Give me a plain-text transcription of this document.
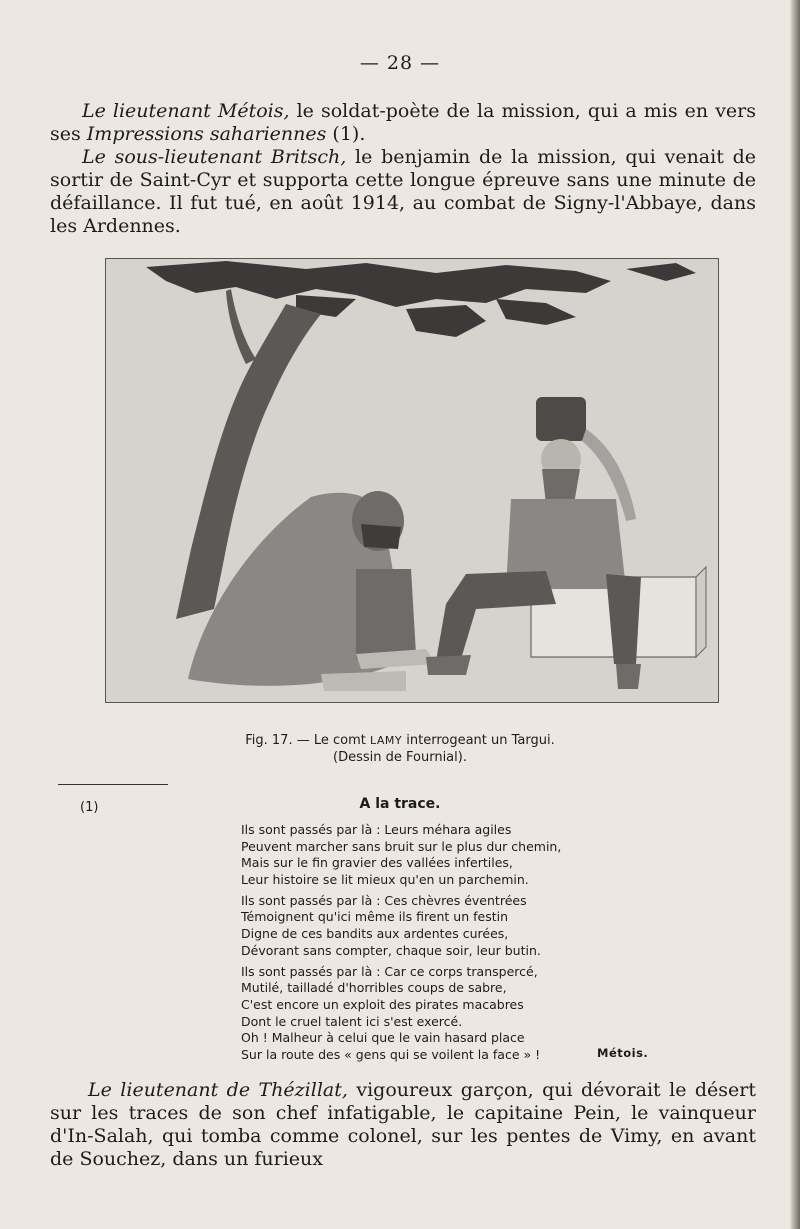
— 28 —

Le lieutenant Métois, le soldat-poète de la mission, qui a mis en vers ses Impressions sahariennes (1).

Le sous-lieutenant Britsch, le benjamin de la mission, qui venait de sortir de Saint-Cyr et supporta cette longue épreuve sans une minute de défaillance. Il fut tué, en août 1914, au combat de Signy-l'Abbaye, dans les Ardennes.

Fig. 17. — Le comt LAMY interrogeant un Targui.
(Dessin de Fournial).
(1)	A la trace.
Ils sont passés par là : Leurs méhara agiles
Peuvent marcher sans bruit sur le plus dur chemin,
Mais sur le fin gravier des vallées infertiles,
Leur histoire se lit mieux qu'en un parchemin.
Ils sont passés par là : Ces chèvres éventrées
Témoignent qu'ici même ils firent un festin
Digne de ces bandits aux ardentes curées,
Dévorant sans compter, chaque soir, leur butin.
Ils sont passés par là : Car ce corps transpercé,
Mutilé, tailladé d'horribles coups de sabre,
C'est encore un exploit des pirates macabres
Dont le cruel talent ici s'est exercé.
Oh ! Malheur à celui que le vain hasard place
Sur la route des « gens qui se voilent la face » !	Métois.

Le lieutenant de Thézillat, vigoureux garçon, qui dévorait le désert sur les traces de son chef infatigable, le capitaine Pein, le vainqueur d'In-Salah, qui tomba comme colonel, sur les pentes de Vimy, en avant de Souchez, dans un furieux
